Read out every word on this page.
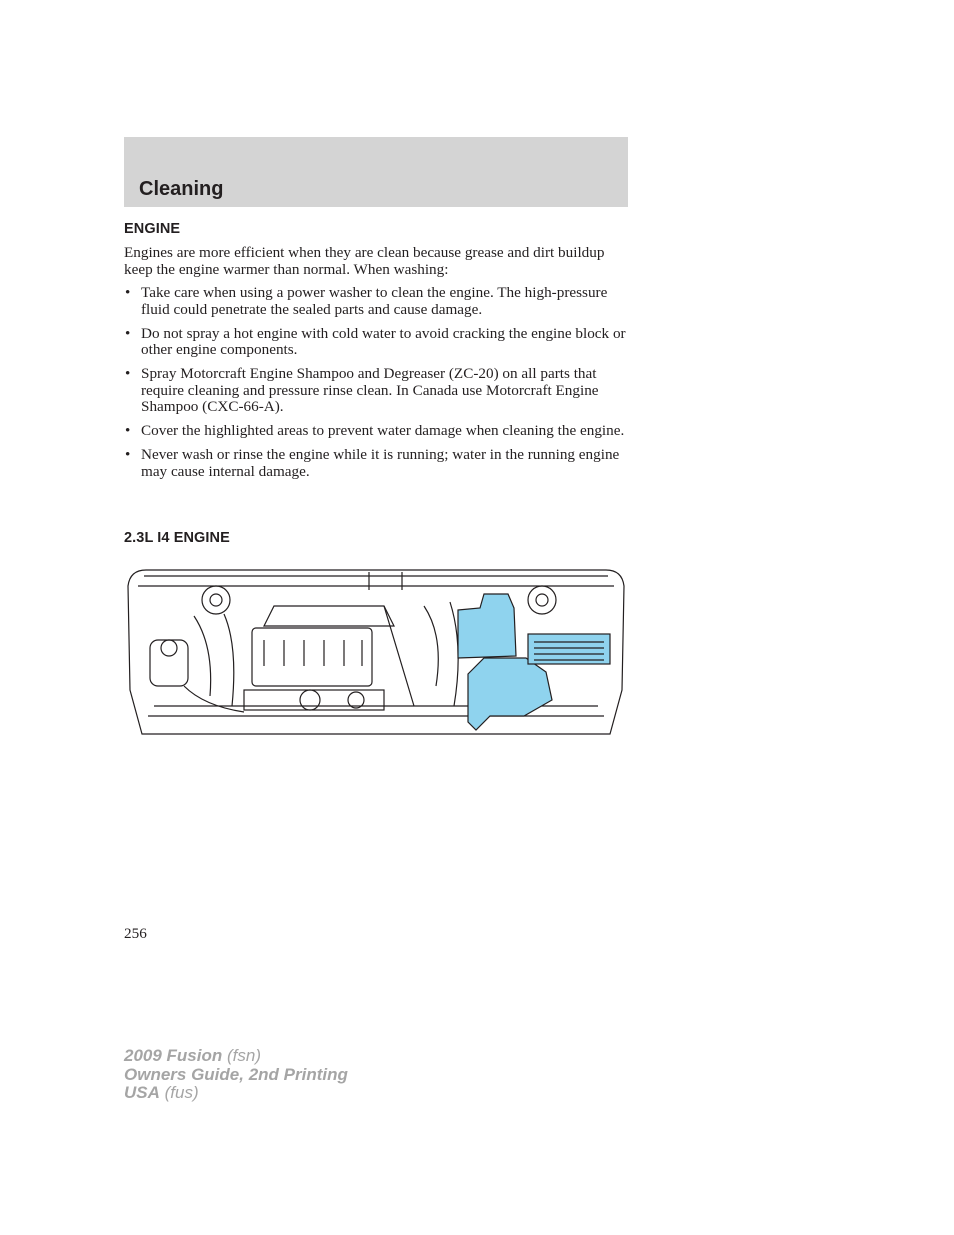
Cleaning
ENGINE
Engines are more efficient when they are clean because grease and dirt buildup keep the engine warmer than normal. When washing:
• Take care when using a power washer to clean the engine. The high-pressure fluid could penetrate the sealed parts and cause damage.
• Do not spray a hot engine with cold water to avoid cracking the engine block or other engine components.
• Spray Motorcraft Engine Shampoo and Degreaser (ZC-20) on all parts that require cleaning and pressure rinse clean. In Canada use Motorcraft Engine Shampoo (CXC-66-A).
• Cover the highlighted areas to prevent water damage when cleaning the engine.
• Never wash or rinse the engine while it is running; water in the running engine may cause internal damage.
2.3L I4 ENGINE
256
2009 Fusion (fsn)
Owners Guide, 2nd Printing
USA (fus)
